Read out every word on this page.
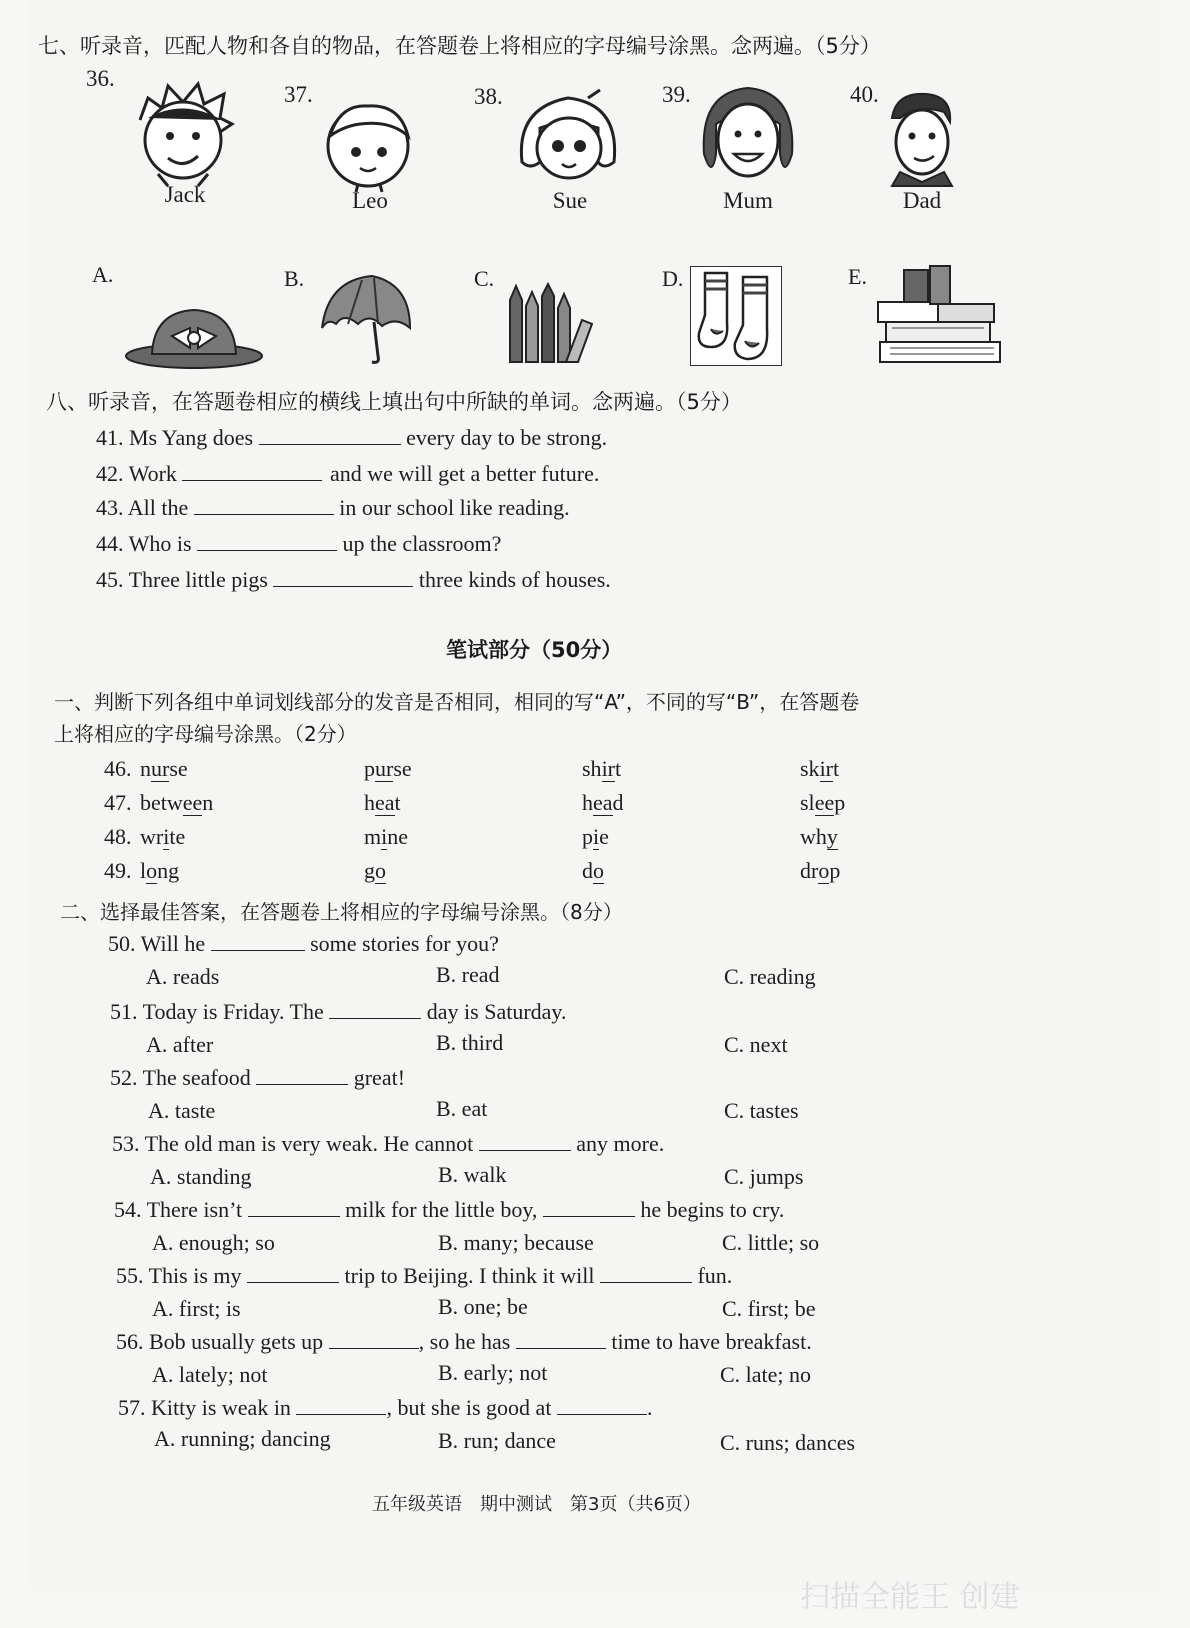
七、听录音，匹配人物和各自的物品，在答题卷上将相应的字母编号涂黑。念两遍。（5分）
36.
Jack
37.
Leo
38.
Sue
39.
Mum
40.
Dad
A.	B.	C.	D.	E.
八、听录音，在答题卷相应的横线上填出句中所缺的单词。念两遍。（5分）
41. Ms Yang does	every day to be strong.
42. Work	and we will get a better future.
43. All the	in our school like reading.
44. Who is	up the classroom?
45. Three little pigs	three kinds of houses.
笔试部分（50分）
一、判断下列各组中单词划线部分的发音是否相同，相同的写“A”，不同的写“B”，在答题卷
上将相应的字母编号涂黑。（2分）
46. nurse	purse	shirt	skirt
47. between	heat	head	sleep
48. write	mine	pie	why
49. long	go	do	drop
二、选择最佳答案，在答题卷上将相应的字母编号涂黑。（8分）
50. Will he	some stories for you?
A. reads	B. read	C. reading
51. Today is Friday. The	day is Saturday.
A. after	B. third	C. next
52. The seafood	great!
A. taste	B. eat	C. tastes
53. The old man is very weak. He cannot	any more.
A. standing	B. walk	C. jumps
54. There isn’t	milk for the little boy,	he begins to cry.
A. enough; so	B. many; because	C. little; so
55. This is my	trip to Beijing. I think it will	fun.
A. first; is	B. one; be	C. first; be
56. Bob usually gets up	, so he has	time to have breakfast.
A. lately; not	B. early; not	C. late; no
57. Kitty is weak in	, but she is good at	.
A. running; dancing	B. run; dance	C. runs; dances
五年级英语　期中测试　第3页（共6页）
扫描全能王 创建
